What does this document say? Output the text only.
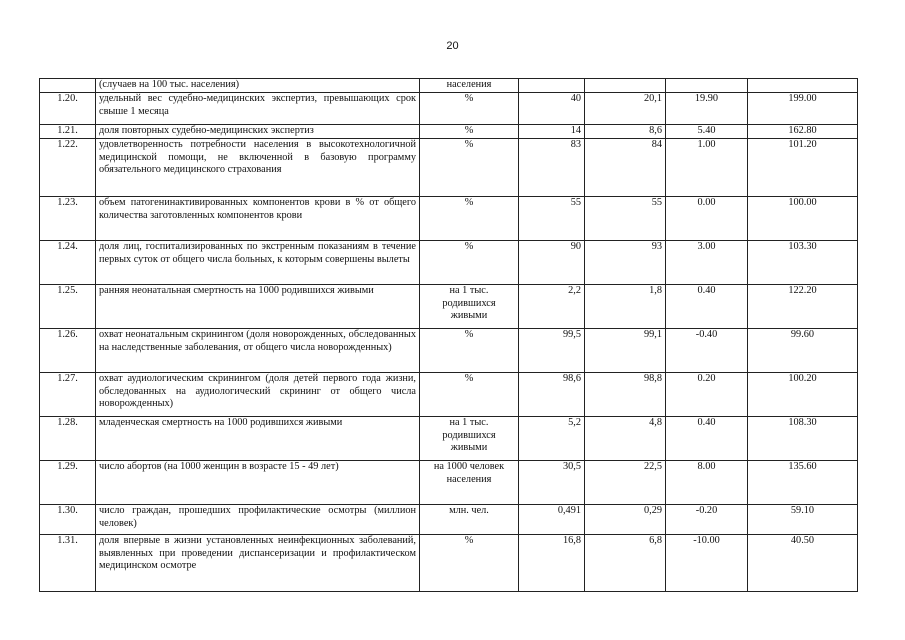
20
	(случаев на 100 тыс. населения)	населения				
1.20.	удельный вес судебно-медицинских экспертиз, превышающих срок свыше 1 месяца	%	40	20,1	19.90	199.00
1.21.	доля повторных судебно-медицинских экспертиз	%	14	8,6	5.40	162.80
1.22.	удовлетворенность потребности населения в высокотехнологичной медицинской помощи, не включенной в базовую программу обязательного медицинского страхования	%	83	84	1.00	101.20
1.23.	объем патогенинактивированных компонентов крови в % от общего количества заготовленных компонентов крови	%	55	55	0.00	100.00
1.24.	доля лиц, госпитализированных по экстренным показаниям в течение первых суток от общего числа больных, к которым совершены вылеты	%	90	93	3.00	103.30
1.25.	ранняя неонатальная смертность на 1000 родившихся живыми	на 1 тыс. родившихся живыми	2,2	1,8	0.40	122.20
1.26.	охват неонатальным скринингом (доля новорожденных, обследованных на наследственные заболевания, от общего числа новорожденных)	%	99,5	99,1	-0.40	99.60
1.27.	охват аудиологическим скринингом (доля детей первого года жизни, обследованных на аудиологический скрининг от общего числа новорожденных)	%	98,6	98,8	0.20	100.20
1.28.	младенческая смертность на 1000 родившихся живыми	на 1 тыс. родившихся живыми	5,2	4,8	0.40	108.30
1.29.	число абортов (на 1000 женщин в возрасте 15 - 49 лет)	на 1000 человек населения	30,5	22,5	8.00	135.60
1.30.	число граждан, прошедших профилактические осмотры (миллион человек)	млн. чел.	0,491	0,29	-0.20	59.10
1.31.	доля впервые в жизни установленных неинфекционных заболеваний, выявленных при проведении диспансеризации и профилактическом медицинском осмотре	%	16,8	6,8	-10.00	40.50
